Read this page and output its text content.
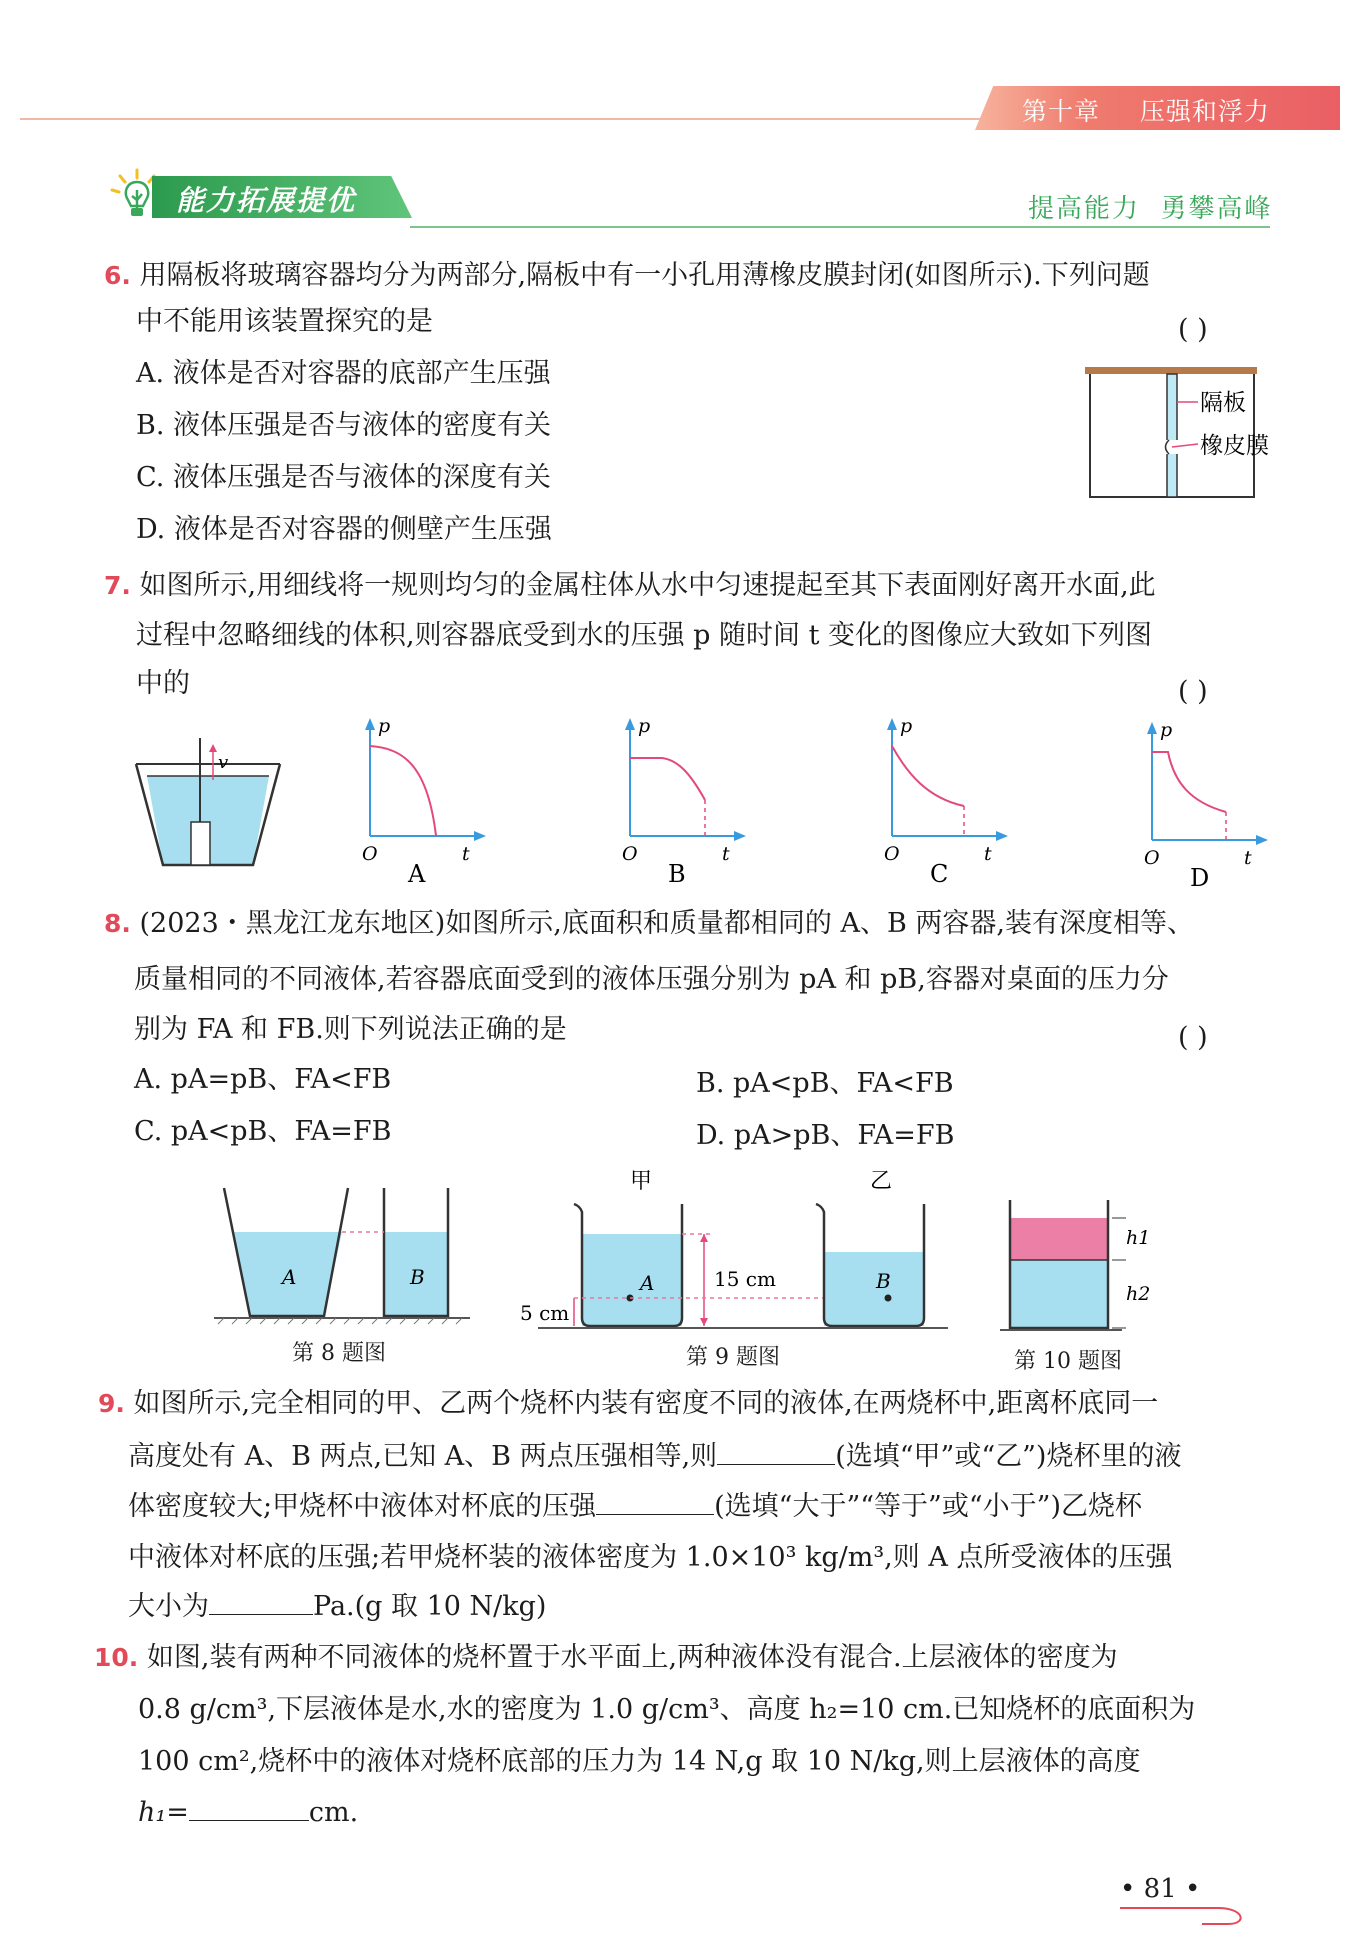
第十章 压强和浮力
能力拓展提优	提高能力  勇攀高峰
6. 用隔板将玻璃容器均分为两部分,隔板中有一小孔用薄橡皮膜封闭(如图所示).下列问题
中不能用该装置探究的是	( )
A. 液体是否对容器的底部产生压强
B. 液体压强是否与液体的密度有关
C. 液体压强是否与液体的深度有关
D. 液体是否对容器的侧壁产生压强
隔板
橡皮膜
7. 如图所示,用细线将一规则均匀的金属柱体从水中匀速提起至其下表面刚好离开水面,此
过程中忽略细线的体积,则容器底受到水的压强 p 随时间 t 变化的图像应大致如下列图
中的	( )
v
p
O	t
A
p
O	t
B
p
O	t
C
p
O	t
D
8. (2023・黑龙江龙东地区)如图所示,底面积和质量都相同的 A、B 两容器,装有深度相等、
质量相同的不同液体,若容器底面受到的液体压强分别为 pA 和 pB,容器对桌面的压力分
别为 FA 和 FB.则下列说法正确的是	( )
A. pA=pB、FA<FB	B. pA<pB、FA<FB
C. pA<pB、FA=FB	D. pA>pB、FA=FB
A	B
第 8 题图
甲	乙
A	15 cm
5 cm
B
第 9 题图
h1
h2
第 10 题图
9. 如图所示,完全相同的甲、乙两个烧杯内装有密度不同的液体,在两烧杯中,距离杯底同一
高度处有 A、B 两点,已知 A、B 两点压强相等,则	(选填“甲”或“乙”)烧杯里的液
体密度较大;甲烧杯中液体对杯底的压强	(选填“大于”“等于”或“小于”)乙烧杯
中液体对杯底的压强;若甲烧杯装的液体密度为 1.0×10³ kg/m³,则 A 点所受液体的压强
大小为	Pa.(g 取 10 N/kg)
10. 如图,装有两种不同液体的烧杯置于水平面上,两种液体没有混合.上层液体的密度为
0.8 g/cm³,下层液体是水,水的密度为 1.0 g/cm³、高度 h₂=10 cm.已知烧杯的底面积为
100 cm²,烧杯中的液体对烧杯底部的压力为 14 N,g 取 10 N/kg,则上层液体的高度
h₁=	cm.
• 81 •
